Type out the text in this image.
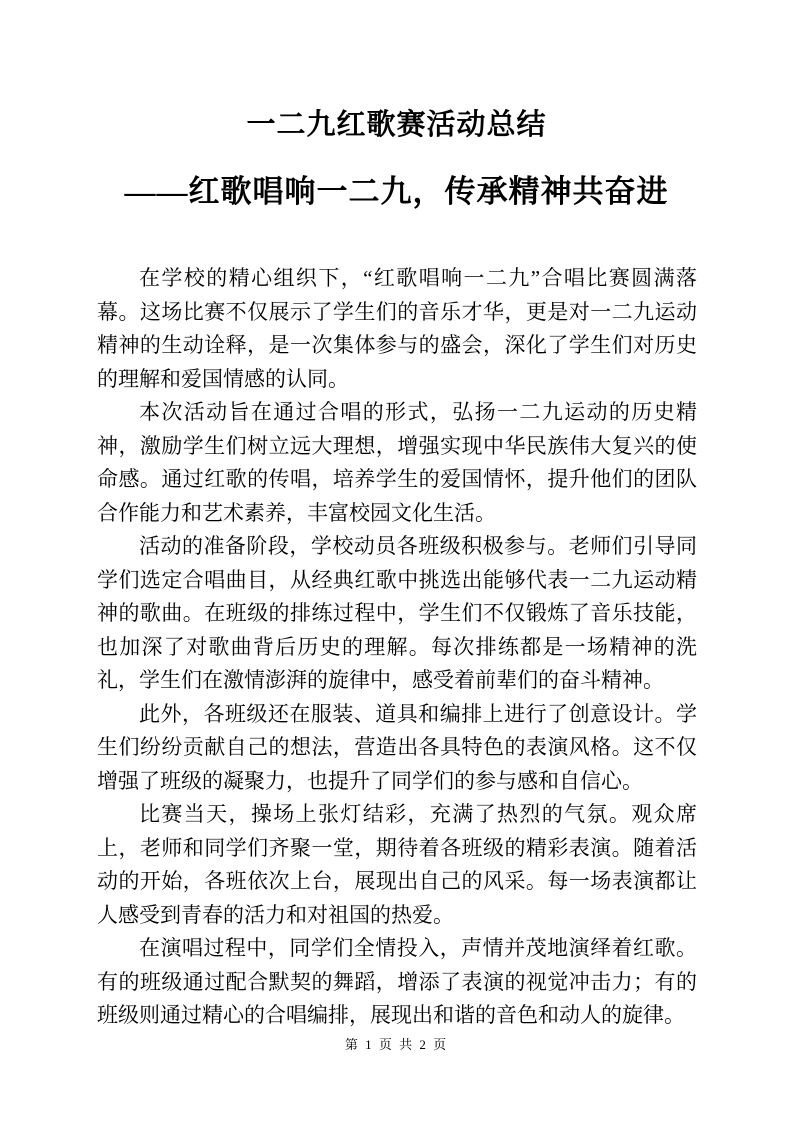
一二九红歌赛活动总结
——红歌唱响一二九，传承精神共奋进

在学校的精心组织下，“红歌唱响一二九”合唱比赛圆满落幕。这场比赛不仅展示了学生们的音乐才华，更是对一二九运动精神的生动诠释，是一次集体参与的盛会，深化了学生们对历史的理解和爱国情感的认同。

本次活动旨在通过合唱的形式，弘扬一二九运动的历史精神，激励学生们树立远大理想，增强实现中华民族伟大复兴的使命感。通过红歌的传唱，培养学生的爱国情怀，提升他们的团队合作能力和艺术素养，丰富校园文化生活。

活动的准备阶段，学校动员各班级积极参与。老师们引导同学们选定合唱曲目，从经典红歌中挑选出能够代表一二九运动精神的歌曲。在班级的排练过程中，学生们不仅锻炼了音乐技能，也加深了对歌曲背后历史的理解。每次排练都是一场精神的洗礼，学生们在激情澎湃的旋律中，感受着前辈们的奋斗精神。

此外，各班级还在服装、道具和编排上进行了创意设计。学生们纷纷贡献自己的想法，营造出各具特色的表演风格。这不仅增强了班级的凝聚力，也提升了同学们的参与感和自信心。

比赛当天，操场上张灯结彩，充满了热烈的气氛。观众席上，老师和同学们齐聚一堂，期待着各班级的精彩表演。随着活动的开始，各班依次上台，展现出自己的风采。每一场表演都让人感受到青春的活力和对祖国的热爱。

在演唱过程中，同学们全情投入，声情并茂地演绎着红歌。有的班级通过配合默契的舞蹈，增添了表演的视觉冲击力；有的班级则通过精心的合唱编排，展现出和谐的音色和动人的旋律。

第 1 页 共 2 页
